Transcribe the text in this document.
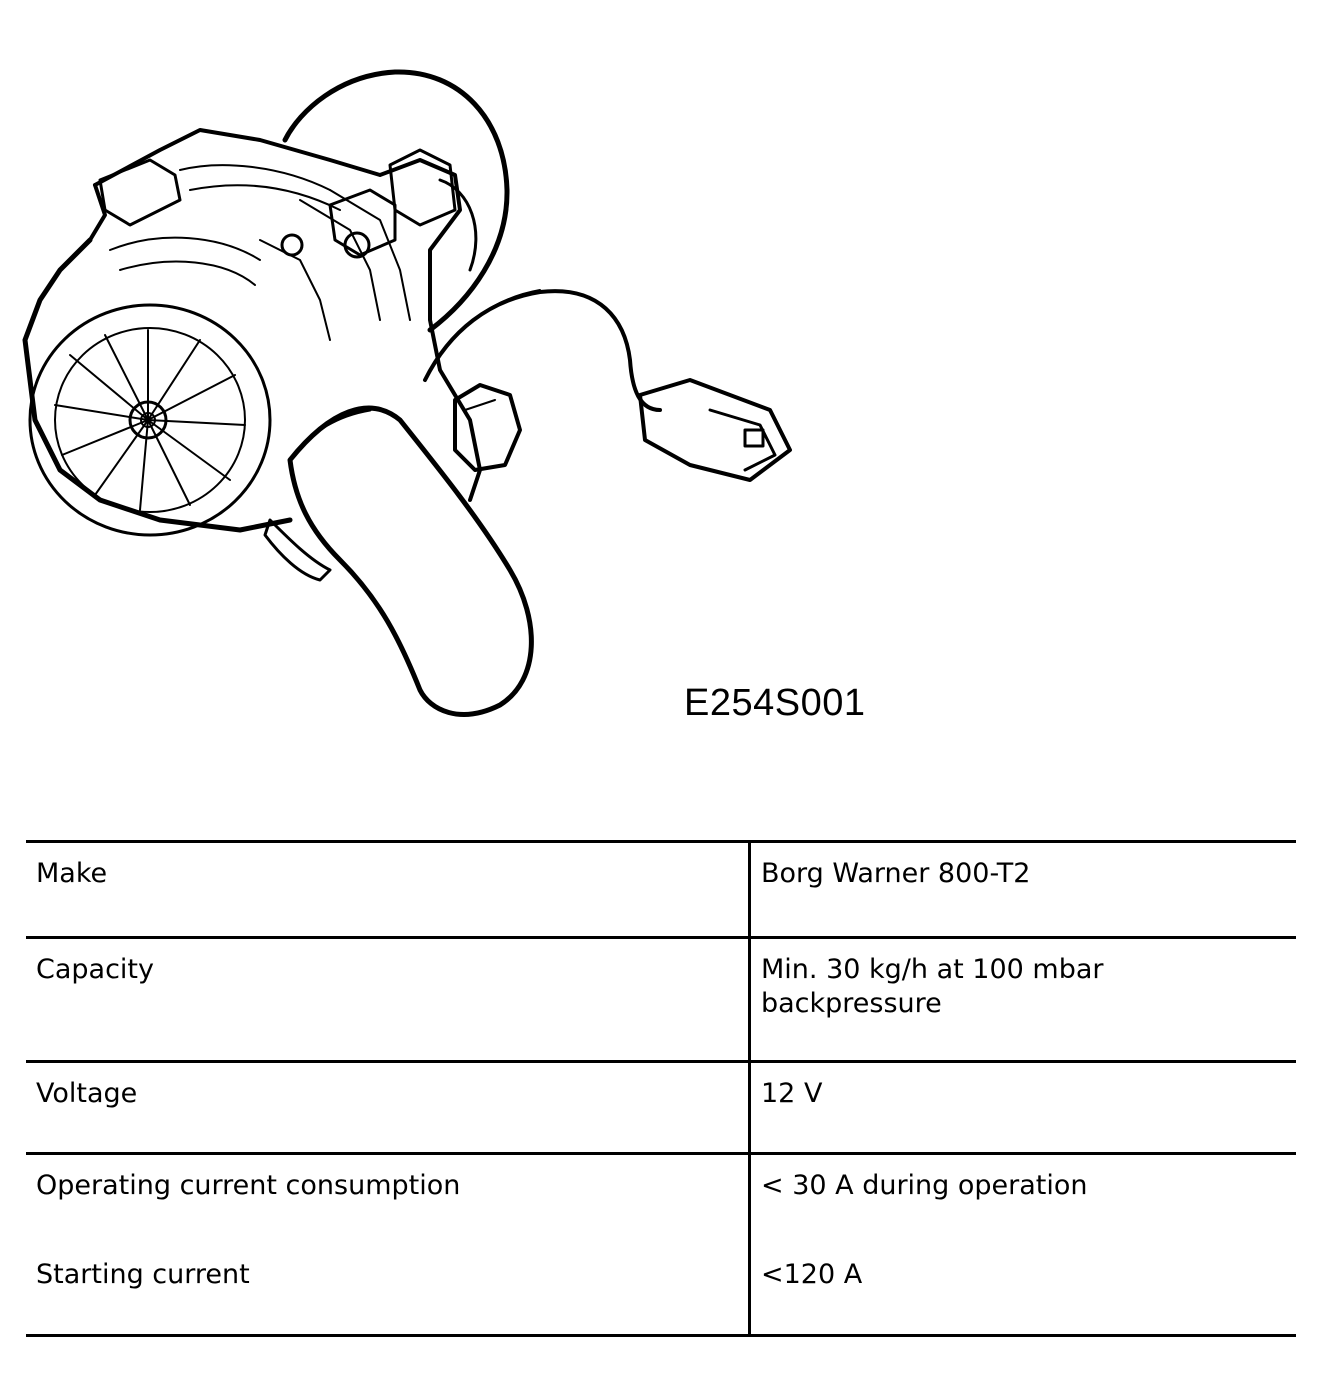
E254S001
Make	Borg Warner 800-T2
Capacity	Min. 30 kg/h at 100 mbar backpressure
Voltage	12 V
Operating current consumption	< 30 A during operation
Starting current	<120 A
